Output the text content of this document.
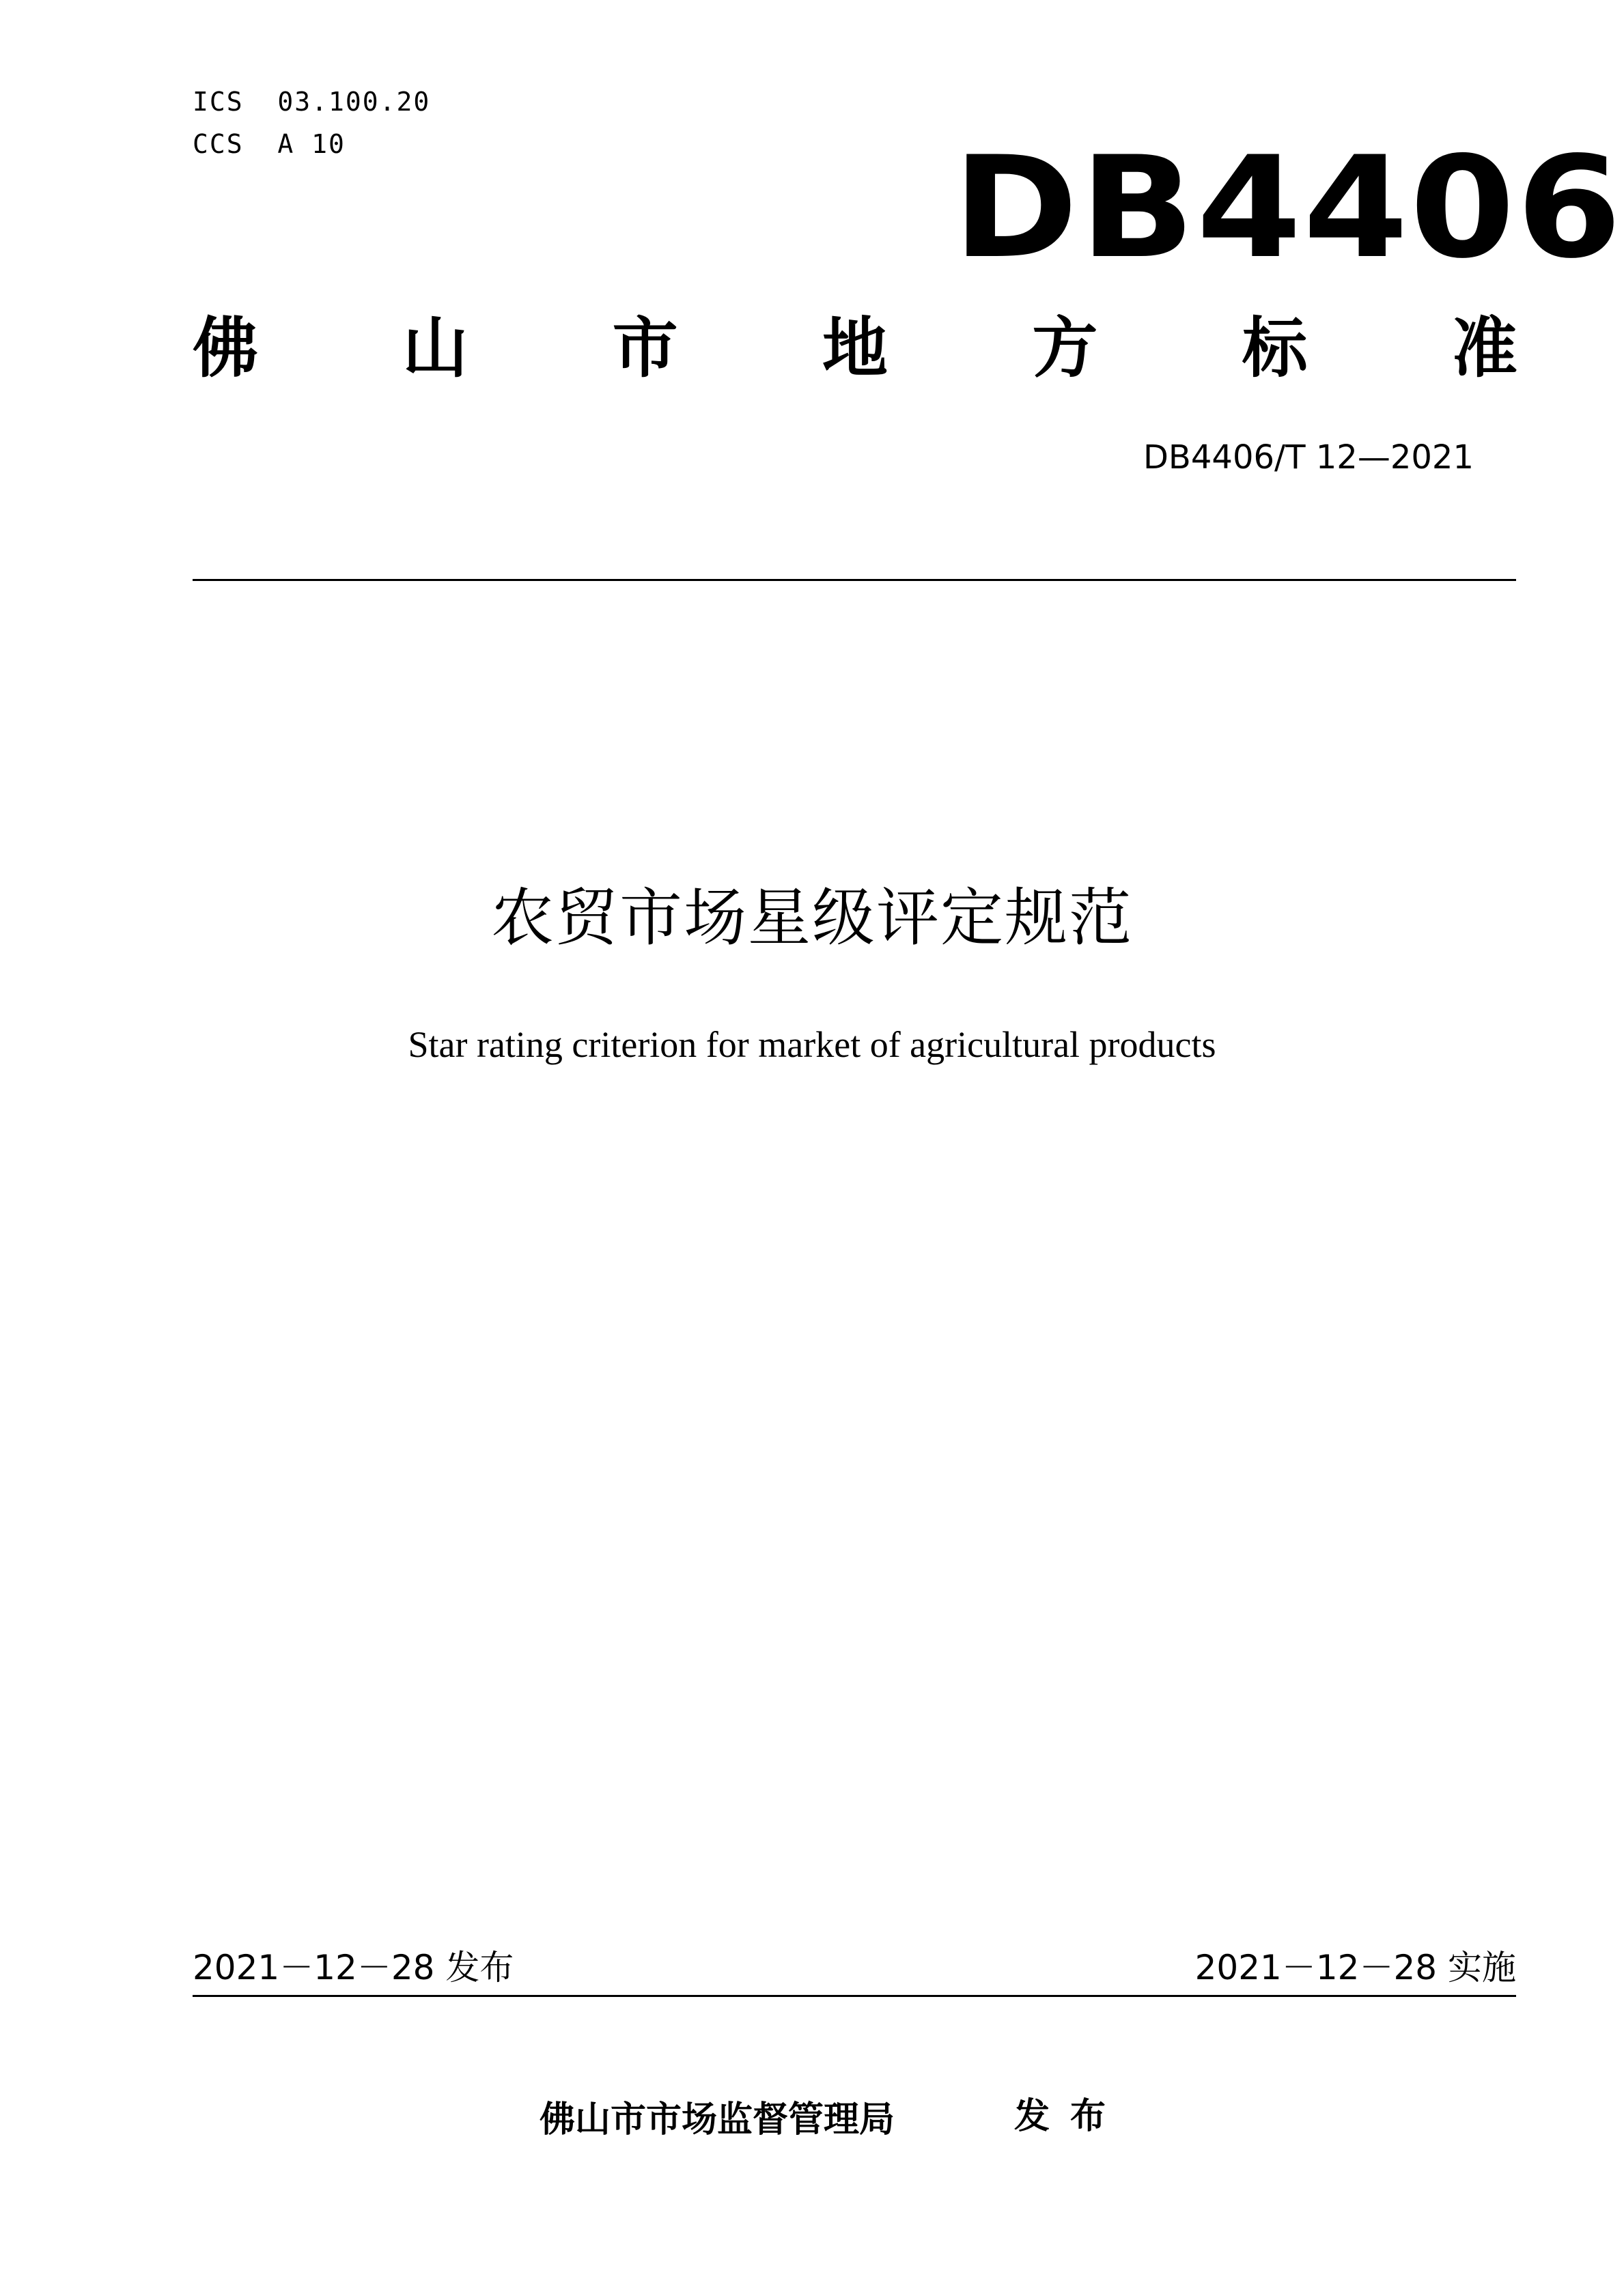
ICS  03.100.20
CCS  A 10	DB4406
佛 山 市 地 方 标 准
DB4406/T 12—2021
农贸市场星级评定规范
Star rating criterion for market of agricultural products
2021－12－28 发布	2021－12－28 实施
佛山市市场监督管理局	发布
